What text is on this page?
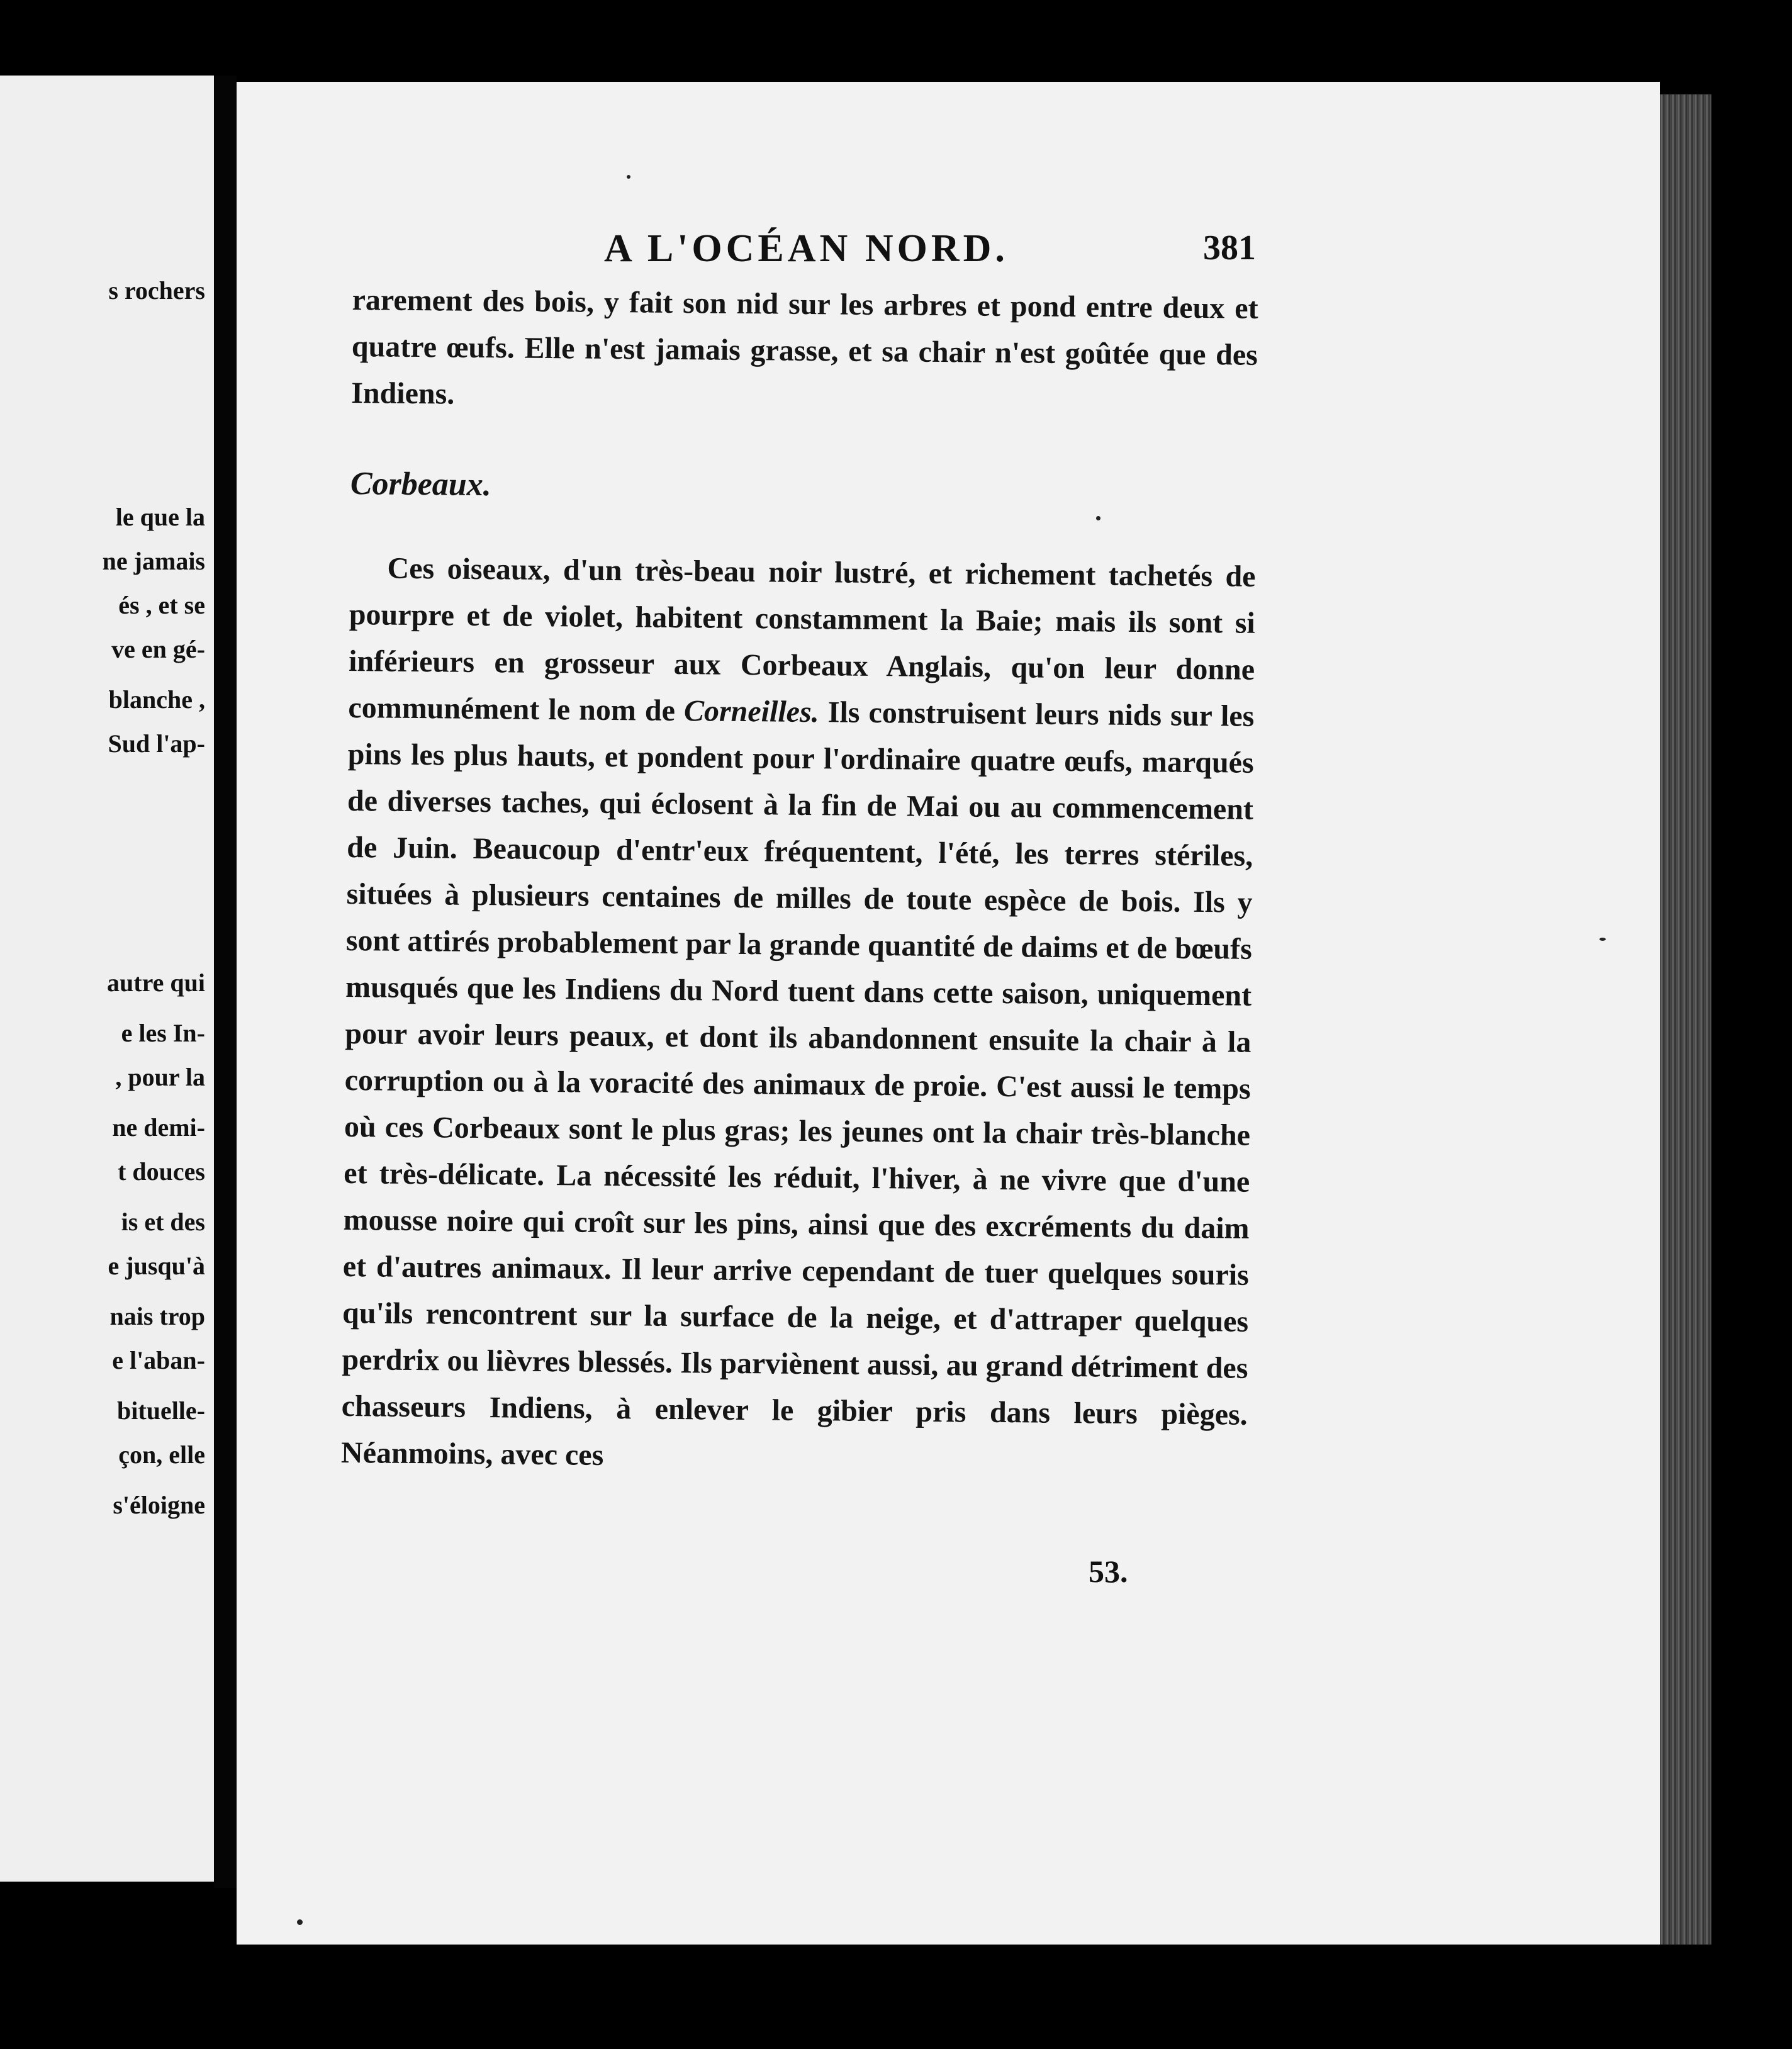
s rochers
le que la
ne jamais
és , et se
ve en gé-
blanche ,
Sud l'ap-
autre qui
e les In-
, pour la
ne demi-
t douces
is et des
e jusqu'à
nais trop
e l'aban-
bituelle-
çon, elle
s'éloigne
A L'OCÉAN NORD.	381

rarement des bois, y fait son nid sur les arbres et pond entre deux et quatre œufs. Elle n'est jamais grasse, et sa chair n'est goûtée que des Indiens.

Corbeaux.

Ces oiseaux, d'un très-beau noir lustré, et richement tachetés de pourpre et de violet, habitent constamment la Baie; mais ils sont si inférieurs en grosseur aux Corbeaux Anglais, qu'on leur donne communément le nom de Corneilles. Ils construisent leurs nids sur les pins les plus hauts, et pondent pour l'ordinaire quatre œufs, marqués de diverses taches, qui éclosent à la fin de Mai ou au commencement de Juin. Beaucoup d'entr'eux fréquentent, l'été, les terres stériles, situées à plusieurs centaines de milles de toute espèce de bois. Ils y sont attirés probablement par la grande quantité de daims et de bœufs musqués que les Indiens du Nord tuent dans cette saison, uniquement pour avoir leurs peaux, et dont ils abandonnent ensuite la chair à la corruption ou à la voracité des animaux de proie. C'est aussi le temps où ces Corbeaux sont le plus gras; les jeunes ont la chair très-blanche et très-délicate. La nécessité les réduit, l'hiver, à ne vivre que d'une mousse noire qui croît sur les pins, ainsi que des excréments du daim et d'autres animaux. Il leur arrive cependant de tuer quelques souris qu'ils rencontrent sur la surface de la neige, et d'attraper quelques perdrix ou lièvres blessés. Ils parviènent aussi, au grand détriment des chasseurs Indiens, à enlever le gibier pris dans leurs pièges. Néanmoins, avec ces

53.
